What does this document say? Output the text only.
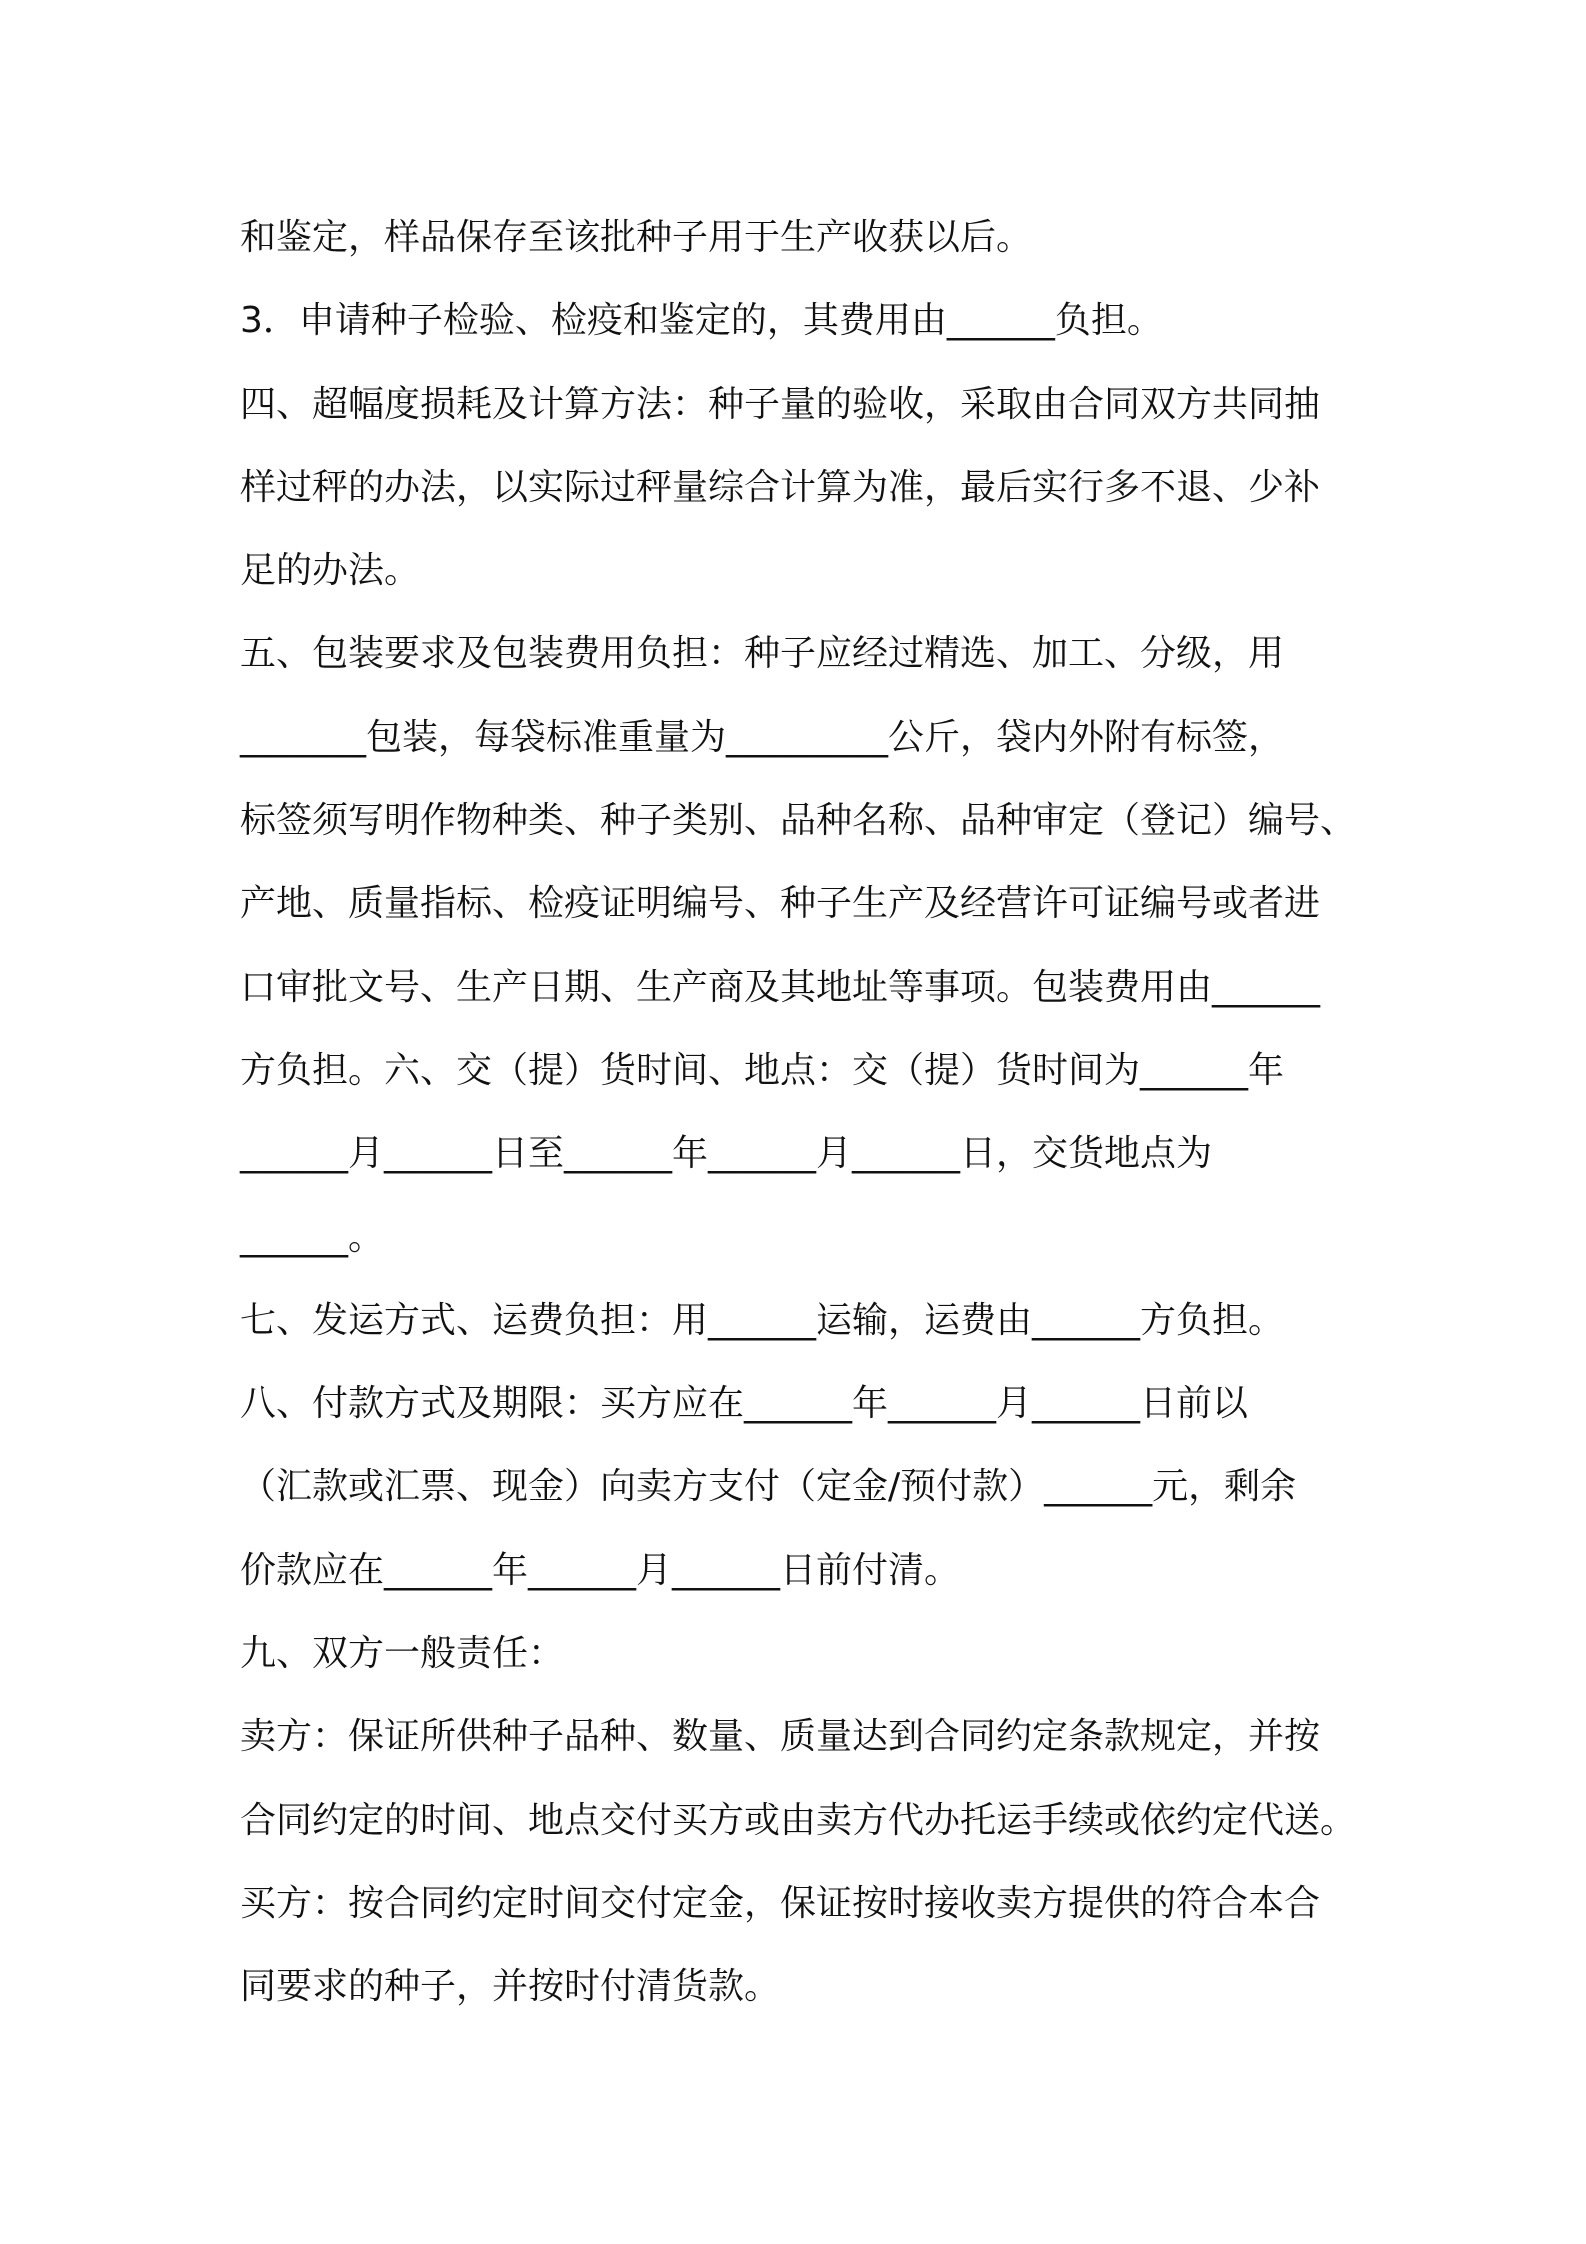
和鉴定，样品保存至该批种子用于生产收获以后。
3．申请种子检验、检疫和鉴定的，其费用由______负担。
四、超幅度损耗及计算方法：种子量的验收，采取由合同双方共同抽
样过秤的办法，以实际过秤量综合计算为准，最后实行多不退、少补
足的办法。
五、包装要求及包装费用负担：种子应经过精选、加工、分级，用
_______包装，每袋标准重量为_________公斤，袋内外附有标签，
标签须写明作物种类、种子类别、品种名称、品种审定（登记）编号、
产地、质量指标、检疫证明编号、种子生产及经营许可证编号或者进
口审批文号、生产日期、生产商及其地址等事项。包装费用由______
方负担。六、交（提）货时间、地点：交（提）货时间为______年
______月______日至______年______月______日，交货地点为
______。
七、发运方式、运费负担：用______运输，运费由______方负担。
八、付款方式及期限：买方应在______年______月______日前以
（汇款或汇票、现金）向卖方支付（定金/预付款）______元，剩余
价款应在______年______月______日前付清。
九、双方一般责任：
卖方：保证所供种子品种、数量、质量达到合同约定条款规定，并按
合同约定的时间、地点交付买方或由卖方代办托运手续或依约定代送。
买方：按合同约定时间交付定金，保证按时接收卖方提供的符合本合
同要求的种子，并按时付清货款。
